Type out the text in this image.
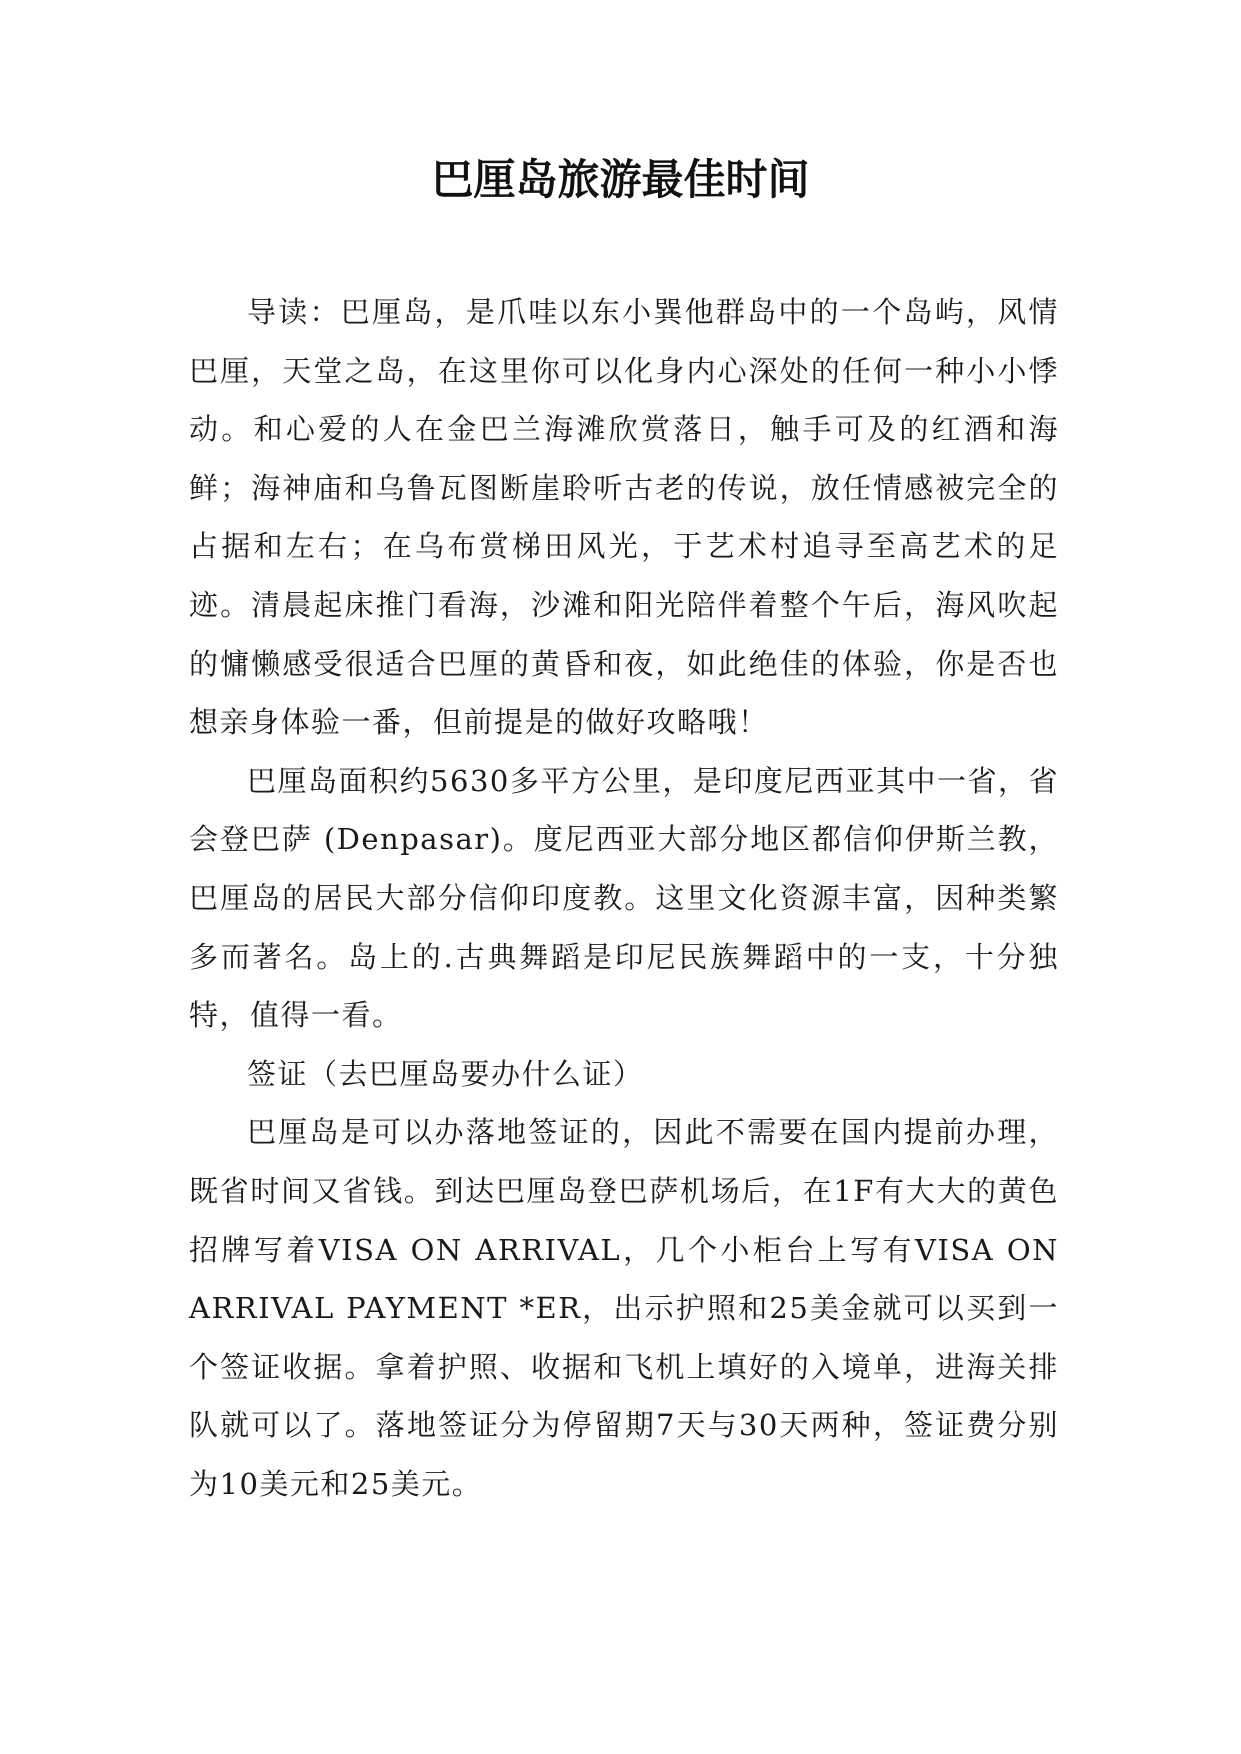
巴厘岛旅游最佳时间

导读：巴厘岛，是爪哇以东小巽他群岛中的一个岛屿，风情巴厘，天堂之岛，在这里你可以化身内心深处的任何一种小小悸动。和心爱的人在金巴兰海滩欣赏落日，触手可及的红酒和海鲜；海神庙和乌鲁瓦图断崖聆听古老的传说，放任情感被完全的占据和左右；在乌布赏梯田风光，于艺术村追寻至高艺术的足迹。清晨起床推门看海，沙滩和阳光陪伴着整个午后，海风吹起的慵懒感受很适合巴厘的黄昏和夜，如此绝佳的体验，你是否也想亲身体验一番，但前提是的做好攻略哦！

巴厘岛面积约5630多平方公里，是印度尼西亚其中一省，省会登巴萨 (Denpasar)。度尼西亚大部分地区都信仰伊斯兰教，巴厘岛的居民大部分信仰印度教。这里文化资源丰富，因种类繁多而著名。岛上的.古典舞蹈是印尼民族舞蹈中的一支，十分独特，值得一看。

签证（去巴厘岛要办什么证）

巴厘岛是可以办落地签证的，因此不需要在国内提前办理，既省时间又省钱。到达巴厘岛登巴萨机场后，在1F有大大的黄色招牌写着VISA ON ARRIVAL，几个小柜台上写有VISA ON ARRIVAL PAYMENT *ER，出示护照和25美金就可以买到一个签证收据。拿着护照、收据和飞机上填好的入境单，进海关排队就可以了。落地签证分为停留期7天与30天两种，签证费分别为10美元和25美元。
